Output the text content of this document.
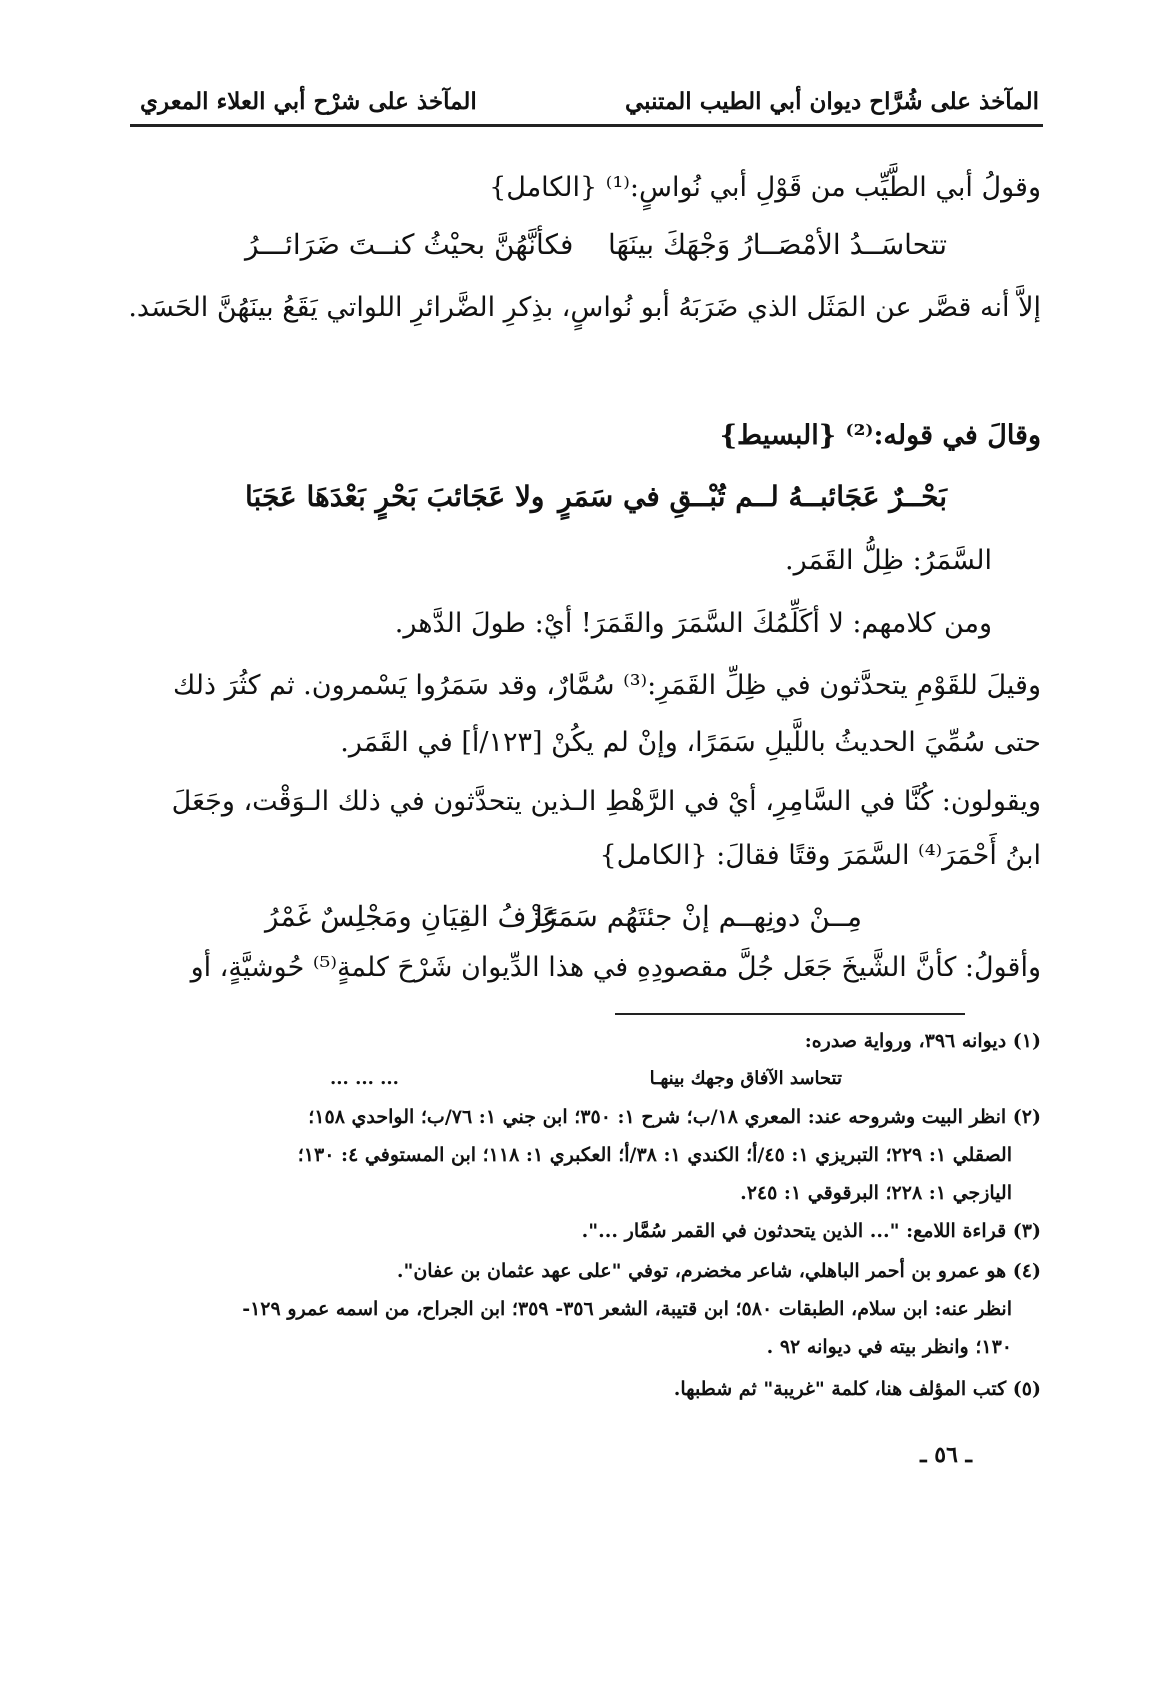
المآخذ على شُرَّاح ديوان أبي الطيب المتنبي
المآخذ على شرْح أبي العلاء المعري
وقولُ أبي الطَّيِّب من قَوْلِ أبي نُواسٍ:⁽¹⁾ {الكامل}
تتحاسَــدُ الأمْصَــارُ وَجْهَكَ بينَهَا
فكأنَّهُنَّ بحيْثُ كنــتَ ضَرَائـــرُ
إلاَّ أنه قصَّر عن المَثَل الذي ضَرَبَهُ أبو نُواسٍ، بذِكرِ الضَّرائرِ اللواتي يَقَعُ بينَهُنَّ الحَسَد.
وقالَ في قوله:⁽²⁾ {البسيط}
بَحْــرٌ عَجَائبــهُ لــم تُبْــقِ في سَمَرٍ
ولا عَجَائبَ بَحْرٍ بَعْدَهَا عَجَبَا
السَّمَرُ: ظِلُّ القَمَر.
ومن كلامهم: لا أكَلِّمُكَ السَّمَرَ والقَمَرَ! أيْ: طولَ الدَّهر.
وقيلَ للقَوْمِ يتحدَّثون في ظِلِّ القَمَرِ:⁽³⁾ سُمَّارٌ، وقد سَمَرُوا يَسْمرون. ثم كثُرَ ذلك
حتى سُمِّيَ الحديثُ باللَّيلِ سَمَرًا، وإنْ لم يكُنْ [١٢٣/أ] في القَمَر.
ويقولون: كُنَّا في السَّامِرِ، أيْ في الرَّهْطِ الـذين يتحدَّثون في ذلك الـوَقْت، وجَعَلَ
ابنُ أَحْمَرَ⁽⁴⁾ السَّمَرَ وقتًا فقالَ: {الكامل}
مِــنْ دونِهــم إنْ جئتَهُم سَمَرًا
عَزْفُ القِيَانِ ومَجْلِسٌ غَمْرُ
وأقولُ: كأنَّ الشَّيخَ جَعَل جُلَّ مقصودِهِ في هذا الدِّيوان شَرْحَ كلمةٍ⁽⁵⁾ حُوشيَّةٍ، أو
(١) ديوانه ٣٩٦، ورواية صدره:
تتحاسد الآفاق وجهك بينهـا
... ... ...
(٢) انظر البيت وشروحه عند: المعري ١٨/ب؛ شرح ١: ٣٥٠؛ ابن جني ١: ٧٦/ب؛ الواحدي ١٥٨؛
الصقلي ١: ٢٢٩؛ التبريزي ١: ٤٥/أ؛ الكندي ١: ٣٨/أ؛ العكبري ١: ١١٨؛ ابن المستوفي ٤: ١٣٠؛
اليازجي ١: ٢٢٨؛ البرقوقي ١: ٢٤٥.
(٣) قراءة اللامع: "... الذين يتحدثون في القمر سُمَّار ...".
(٤) هو عمرو بن أحمر الباهلي، شاعر مخضرم، توفي "على عهد عثمان بن عفان".
انظر عنه: ابن سلام، الطبقات ٥٨٠؛ ابن قتيبة، الشعر ٣٥٦- ٣٥٩؛ ابن الجراح، من اسمه عمرو ١٢٩-
١٣٠؛ وانظر بيته في ديوانه ٩٢ .
(٥) كتب المؤلف هنا، كلمة "غريبة" ثم شطبها.
ـ ٥٦ ـ
